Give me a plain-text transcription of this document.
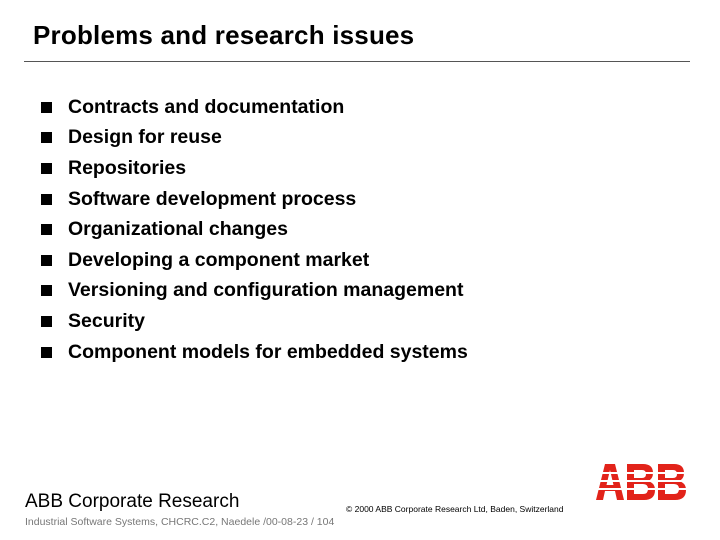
Problems and research issues
Contracts and documentation
Design for reuse
Repositories
Software development process
Organizational changes
Developing a component market
Versioning and configuration management
Security
Component models for embedded systems
ABB Corporate Research
Industrial Software Systems, CHCRC.C2, Naedele /00-08-23 / 104
© 2000 ABB Corporate Research Ltd, Baden, Switzerland
